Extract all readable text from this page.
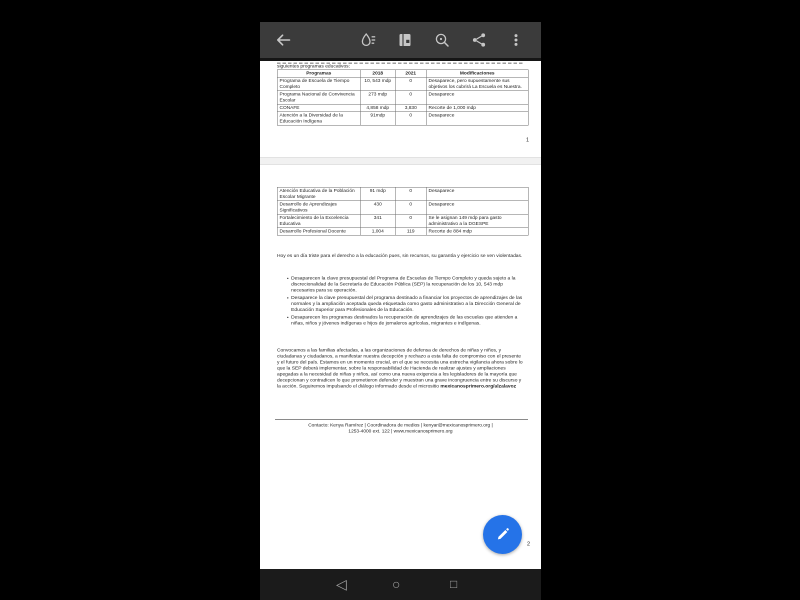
siguientes programas educativos:
Programas	2018	2021	Modificaciones
Programa de Escuela de Tiempo Completo	10, 543 mdp	0	Desaparece, pero supuestamente sus objetivos los cubrirá La Escuela es Nuestra.
Programa Nacional de Convivencia Escolar	273 mdp	0	Desaparece
CONAFE	4,858 mdp	3,830	Recorte de 1,000 mdp
Atención a la Diversidad de la Educación Indígena	91mdp	0	Desaparece
1
Atención Educativa de la Población Escolar Migrante	91 mdp	0	Desaparece
Desarrollo de Aprendizajes Significativos	430	0	Desaparece
Fortalecimiento de la Excelencia Educativa	341	0	Se le asignan 149 mdp para gasto administrativo a la DGESPE
Desarrollo Profesional Docente	1,004	119	Recorte de 884 mdp

Hoy es un día triste para el derecho a la educación pues, sin recursos, su garantía y ejercicio se ven violentadas.

• Desaparecen la clave presupuestal del Programa de Escuelas de Tiempo Completo y queda sujeto a la discrecionalidad de la Secretaría de Educación Pública (SEP) la recuperación de los 10, 543 mdp necesarios para su operación.
• Desaparece la clave presupuestal del programa destinado a financiar los proyectos de aprendizajes de las normales y la ampliación aceptada queda etiquetada como gasto administrativo a la Dirección General de Educación Superior para Profesionales de la Educación.
• Desaparecen los programas destinados la recuperación de aprendizajes de las escuelas que atienden a niñas, niños y jóvenes indígenas e hijos de jornaleros agrícolas, migrantes e indígenas.

Convocamos a las familias afectadas, a las organizaciones de defensa de derechos de niñas y niños, y ciudadanas y ciudadanos, a manifestar nuestra decepción y rechazo a esta falta de compromiso con el presente y el futuro del país. Estamos en un momento crucial, en el que se necesita una estrecha vigilancia ahora sobre lo que la SEP deberá implementar, sobre la responsabilidad de Hacienda de realizar ajustes y ampliaciones apegadas a la necesidad de niñas y niños, así como una nueva exigencia a los legisladores de la mayoría que decepcionan y contradicen lo que prometieron defender y muestran una grave incongruencia entre su discurso y la acción. Seguiremos impulsando el diálogo informado desde el micrositio mexicanosprimero.org/alzalavoz

Contacto: Kenya Ramírez | Coordinadora de medios | kenyar@mexicanosprimero.org |
1253-4000 ext. 122 | www.mexicanosprimero.org
2
◁	○	□
